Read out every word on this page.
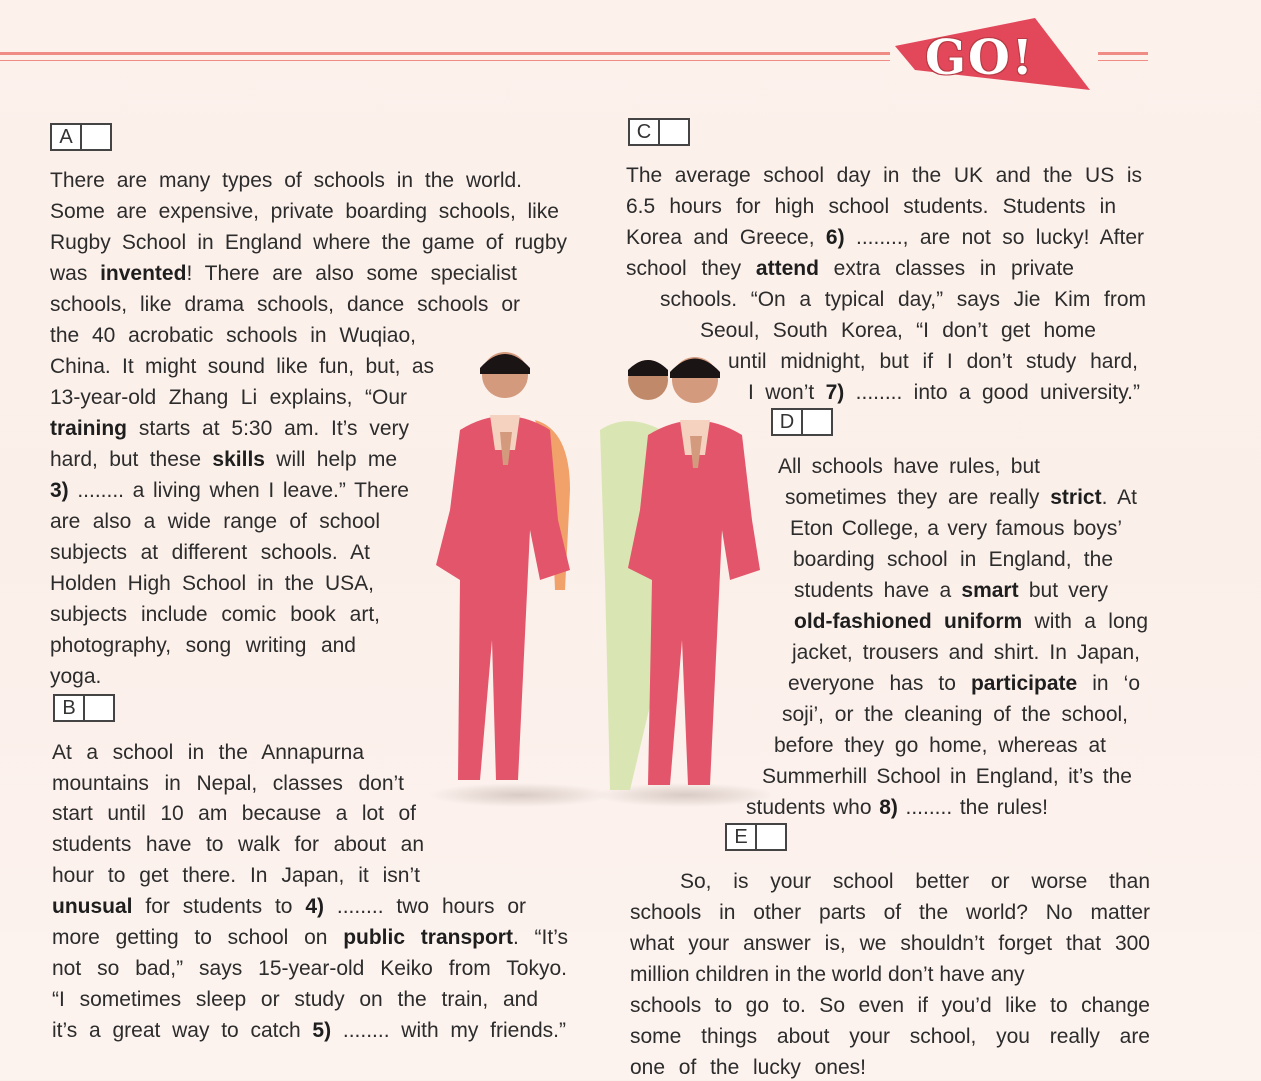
GO!
A
B
C
D
E
There are many types of schools in the world.
Some are expensive, private boarding schools, like
Rugby School in England where the game of rugby
was invented! There are also some specialist
schools, like drama schools, dance schools or
the 40 acrobatic schools in Wuqiao,
China. It might sound like fun, but, as
13-year-old Zhang Li explains, “Our
training starts at 5:30 am. It’s very
hard, but these skills will help me
3) ........ a living when I leave.” There
are also a wide range of school
subjects at different schools. At
Holden High School in the USA,
subjects include comic book art,
photography, song writing and
yoga.
At a school in the Annapurna
mountains in Nepal, classes don’t
start until 10 am because a lot of
students have to walk for about an
hour to get there. In Japan, it isn’t
unusual for students to 4) ........ two hours or
more getting to school on public transport. “It’s
not so bad,” says 15-year-old Keiko from Tokyo.
“I sometimes sleep or study on the train, and
it’s a great way to catch 5) ........ with my friends.”
The average school day in the UK and the US is
6.5 hours for high school students. Students in
Korea and Greece, 6) ........, are not so lucky! After
school they attend extra classes in private
schools. “On a typical day,” says Jie Kim from
Seoul, South Korea, “I don’t get home
until midnight, but if I don’t study hard,
I won’t 7) ........ into a good university.”
All schools have rules, but
sometimes they are really strict. At
Eton College, a very famous boys’
boarding school in England, the
students have a smart but very
old-fashioned uniform with a long
jacket, trousers and shirt. In Japan,
everyone has to participate in ‘o
soji’, or the cleaning of the school,
before they go home, whereas at
Summerhill School in England, it’s the
students who 8) ........ the rules!
So, is your school better or worse than
schools in other parts of the world? No matter
what your answer is, we shouldn’t forget that 300
million children in the world don’t have any
schools to go to. So even if you’d like to change
some things about your school, you really are
one of the lucky ones!
